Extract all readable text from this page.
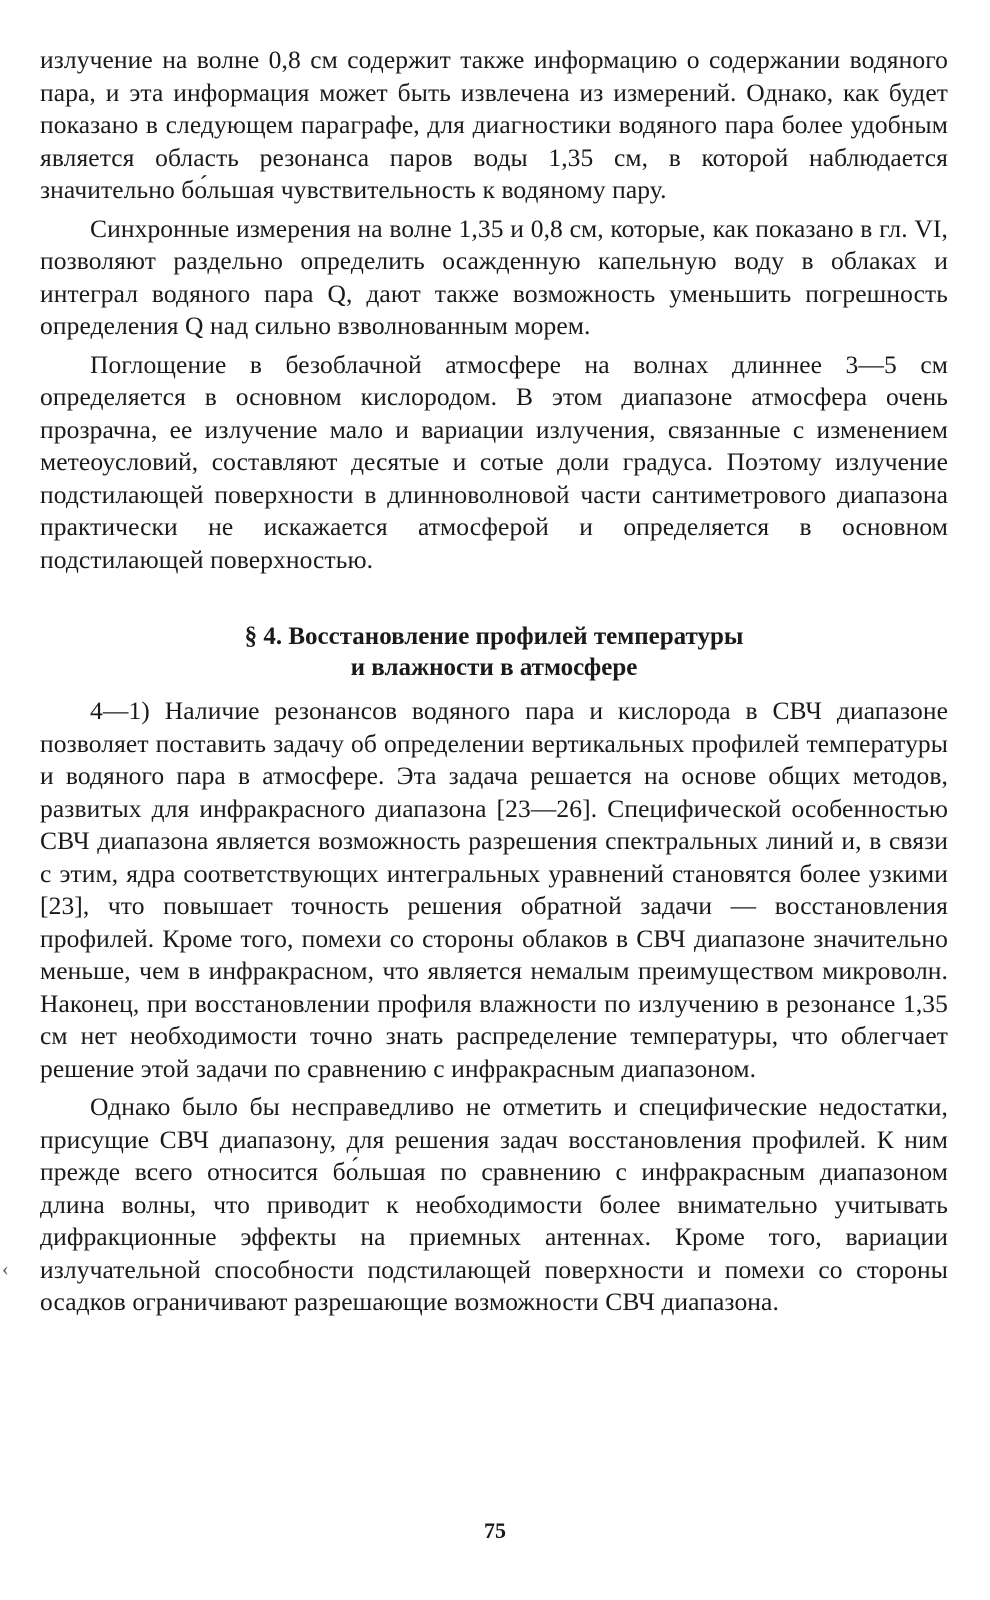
излучение на волне 0,8 см содержит также информацию о содержании водяного пара, и эта информация может быть извлечена из измерений. Однако, как будет показано в следующем параграфе, для диагностики водяного пара более удобным является область резонанса паров воды 1,35 см, в которой наблюдается значительно бо́льшая чувствительность к водяному пару.

Синхронные измерения на волне 1,35 и 0,8 см, которые, как показано в гл. VI, позволяют раздельно определить осажденную капельную воду в облаках и интеграл водяного пара Q, дают также возможность уменьшить погрешность определения Q над сильно взволнованным морем.

Поглощение в безоблачной атмосфере на волнах длиннее 3—5 см определяется в основном кислородом. В этом диапазоне атмосфера очень прозрачна, ее излучение мало и вариации излучения, связанные с изменением метеоусловий, составляют десятые и сотые доли градуса. Поэтому излучение подстилающей поверхности в длинноволновой части сантиметрового диапазона практически не искажается атмосферой и определяется в основном подстилающей поверхностью.

§ 4. Восстановление профилей температуры
и влажности в атмосфере

4—1) Наличие резонансов водяного пара и кислорода в СВЧ диапазоне позволяет поставить задачу об определении вертикальных профилей температуры и водяного пара в атмосфере. Эта задача решается на основе общих методов, развитых для инфракрасного диапазона [23—26]. Специфической особенностью СВЧ диапазона является возможность разрешения спектральных линий и, в связи с этим, ядра соответствующих интегральных уравнений становятся более узкими [23], что повышает точность решения обратной задачи — восстановления профилей. Кроме того, помехи со стороны облаков в СВЧ диапазоне значительно меньше, чем в инфракрасном, что является немалым преимуществом микроволн. Наконец, при восстановлении профиля влажности по излучению в резонансе 1,35 см нет необходимости точно знать распределение температуры, что облегчает решение этой задачи по сравнению с инфракрасным диапазоном.

Однако было бы несправедливо не отметить и специфические недостатки, присущие СВЧ диапазону, для решения задач восстановления профилей. К ним прежде всего относится бо́льшая по сравнению с инфракрасным диапазоном длина волны, что приводит к необходимости более внимательно учитывать дифракционные эффекты на приемных антеннах. Кроме того, вариации излучательной способности подстилающей поверхности и помехи со стороны осадков ограничивают разрешающие возможности СВЧ диапазона.

‹
75
